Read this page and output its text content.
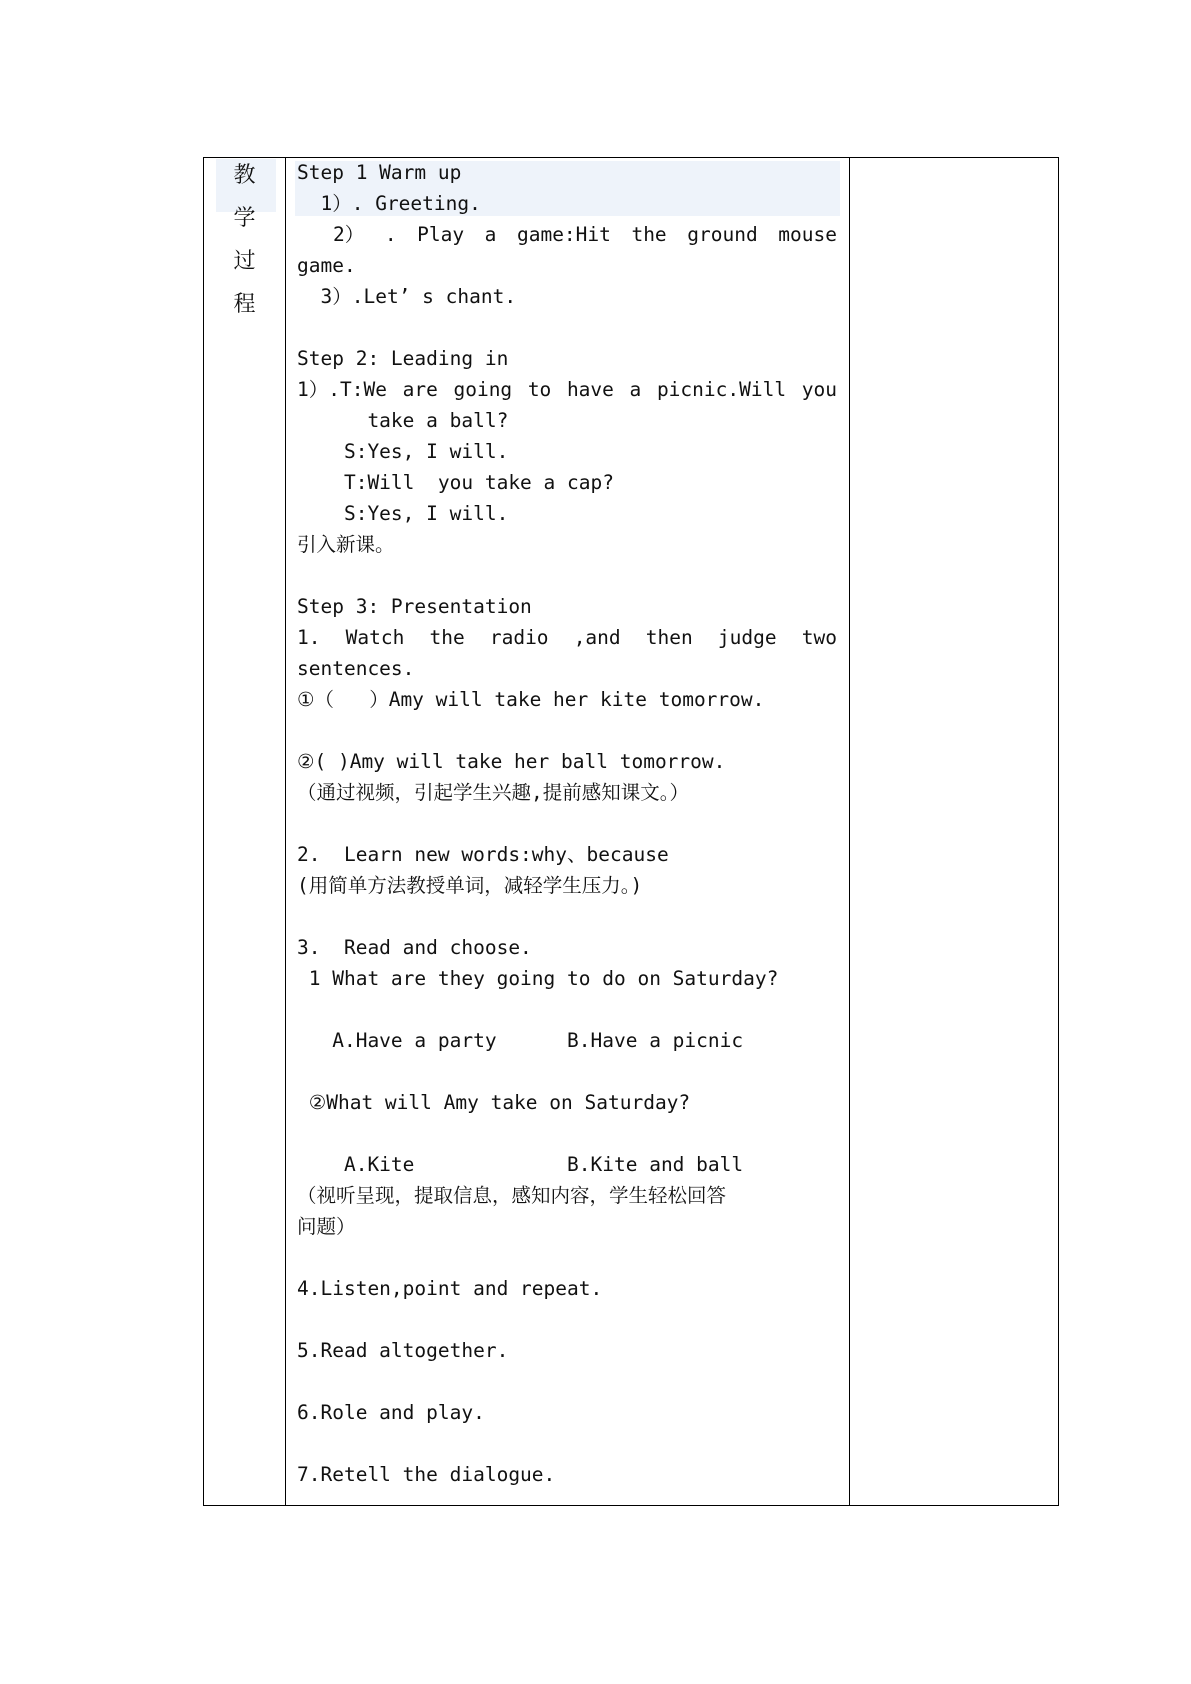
教
学
过
程
Step 1 Warm up
1）. Greeting.
2） . Play a game:Hit the ground mouse
game.
3）.Let’ s chant.
Step 2: Leading in
1）.T:We are going to have a picnic.Will you
take a ball?
S:Yes, I will.
T:Will  you take a cap?
S:Yes, I will.
引入新课。
Step 3: Presentation
1. Watch the radio ,and then judge two
sentences.
①（   ）Amy will take her kite tomorrow.
②( )Amy will take her ball tomorrow.
（通过视频，引起学生兴趣,提前感知课文。）
2.  Learn new words:why、because
(用简单方法教授单词，减轻学生压力。)
3.  Read and choose.
1 What are they going to do on Saturday?
A.Have a party      B.Have a picnic
②What will Amy take on Saturday?
A.Kite             B.Kite and ball
（视听呈现，提取信息，感知内容，学生轻松回答
问题）
4.Listen,point and repeat.
5.Read altogether.
6.Role and play.
7.Retell the dialogue.
